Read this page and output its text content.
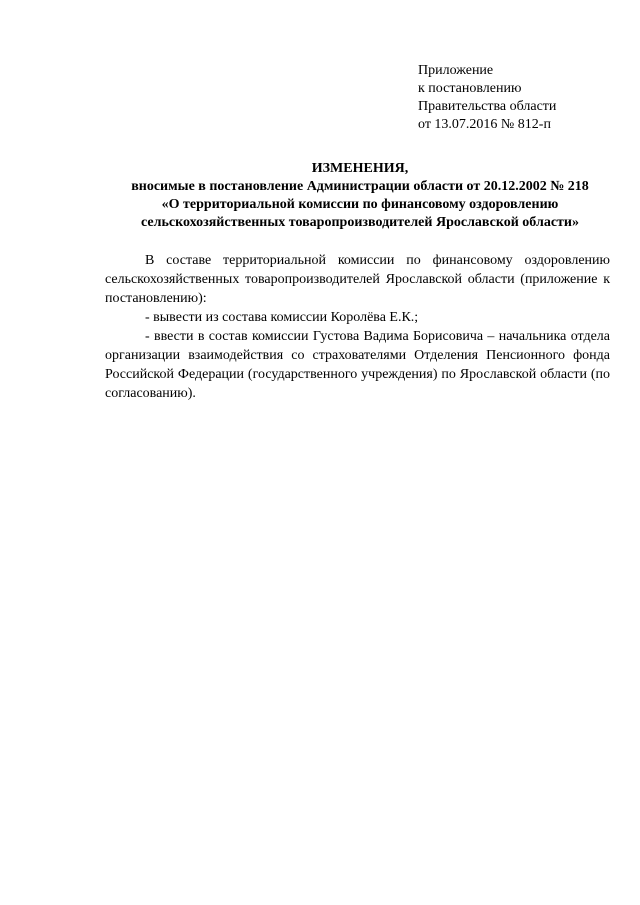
Приложение
к постановлению
Правительства области
от 13.07.2016 № 812-п
ИЗМЕНЕНИЯ,
вносимые в постановление Администрации области от 20.12.2002 № 218
«О территориальной комиссии по финансовому оздоровлению
сельскохозяйственных товаропроизводителей Ярославской области»

В составе территориальной комиссии по финансовому оздоровлению сельскохозяйственных товаропроизводителей Ярославской области (приложение к постановлению):

- вывести из состава комиссии Королёва Е.К.;

- ввести в состав комиссии Густова Вадима Борисовича – начальника отдела организации взаимодействия со страхователями Отделения Пенсионного фонда Российской Федерации (государственного учреждения) по Ярославской области (по согласованию).
